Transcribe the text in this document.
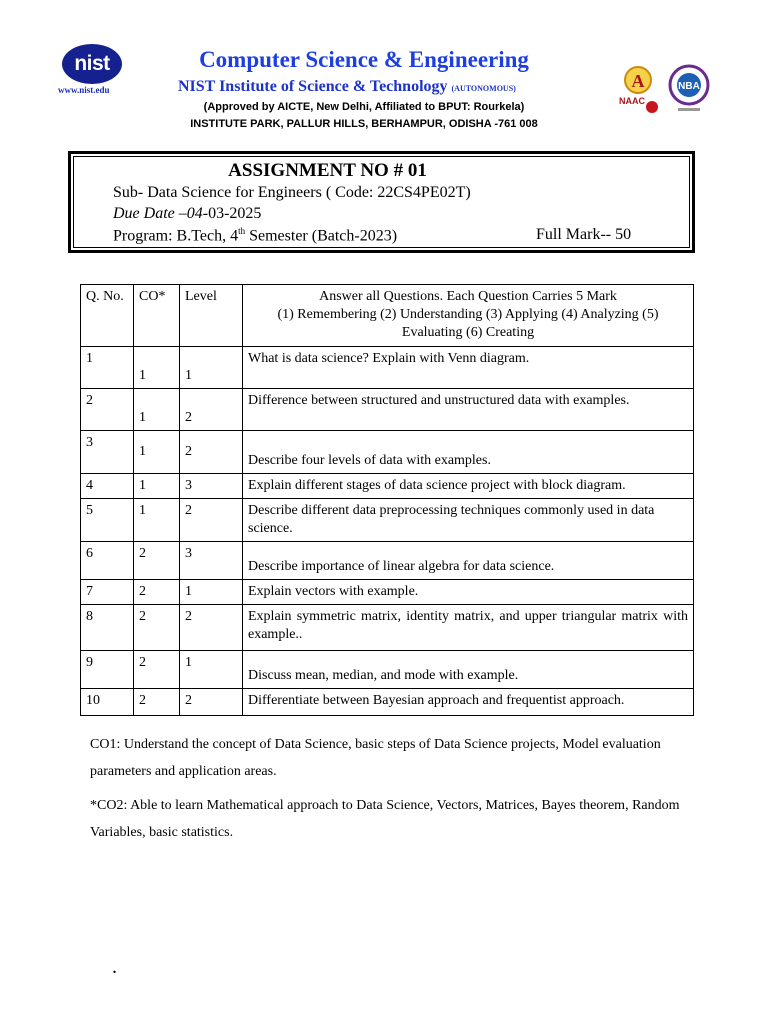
nist
www.nist.edu
Computer Science & Engineering
NIST Institute of Science & Technology (AUTONOMOUS)
(Approved by AICTE, New Delhi, Affiliated to BPUT: Rourkela)
INSTITUTE PARK, PALLUR HILLS, BERHAMPUR, ODISHA -761 008
A
NAAC
NBA
ASSIGNMENT NO # 01
Sub- Data Science for Engineers ( Code: 22CS4PE02T)
Due Date –04-03-2025
Program: B.Tech, 4th Semester (Batch-2023)	Full Mark-- 50
Q. No.	CO*	Level	Answer all Questions. Each Question Carries 5 Mark
(1) Remembering (2) Understanding (3) Applying (4) Analyzing (5) Evaluating (6) Creating

1	1	1	What is data science? Explain with Venn diagram.
2	1	2	Difference between structured and unstructured data with examples.
3	1	2	Describe four levels of data with examples.
4	1	3	Explain different stages of data science project with block diagram.
5	1	2	Describe different data preprocessing techniques commonly used in data science.
6	2	3	Describe importance of linear algebra for data science.
7	2	1	Explain vectors with example.
8	2	2	Explain symmetric matrix, identity matrix, and upper triangular matrix with example..
9	2	1	Discuss mean, median, and mode with example.
10	2	2	Differentiate between Bayesian approach and frequentist approach.
CO1: Understand the concept of Data Science, basic steps of Data Science projects, Model evaluation parameters and application areas.
*CO2: Able to learn Mathematical approach to Data Science, Vectors, Matrices, Bayes theorem, Random Variables, basic statistics.
.
